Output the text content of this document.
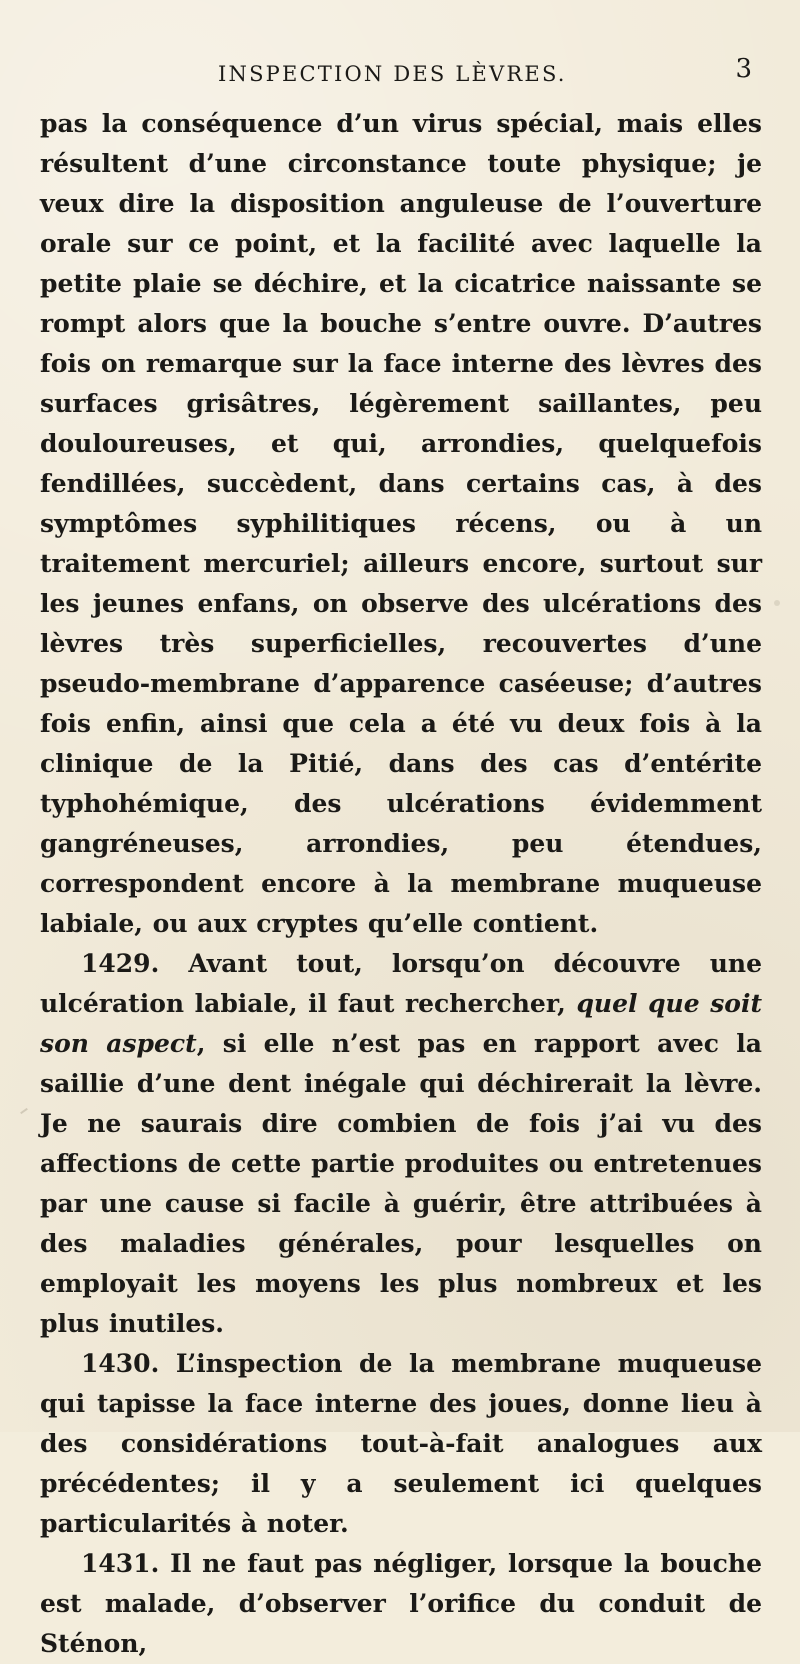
INSPECTION DES LÈVRES.	3

pas la conséquence d’un virus spécial, mais elles résultent d’une circonstance toute physique; je veux dire la disposition anguleuse de l’ouverture orale sur ce point, et la facilité avec laquelle la petite plaie se déchire, et la cicatrice naissante se rompt alors que la bouche s’entre ouvre. D’autres fois on remarque sur la face interne des lèvres des surfaces grisâtres, légèrement saillantes, peu douloureuses, et qui, arrondies, quelquefois fendillées, succèdent, dans certains cas, à des symptômes syphilitiques récens, ou à un traitement mercuriel; ailleurs encore, surtout sur les jeunes enfans, on observe des ulcérations des lèvres très superficielles, recouvertes d’une pseudo-membrane d’apparence caséeuse; d’autres fois enfin, ainsi que cela a été vu deux fois à la clinique de la Pitié, dans des cas d’entérite typhohémique, des ulcérations évidemment gangréneuses, arrondies, peu étendues, correspondent encore à la membrane muqueuse labiale, ou aux cryptes qu’elle contient.

1429. Avant tout, lorsqu’on découvre une ulcération labiale, il faut rechercher, quel que soit son aspect, si elle n’est pas en rapport avec la saillie d’une dent inégale qui déchirerait la lèvre. Je ne saurais dire combien de fois j’ai vu des affections de cette partie produites ou entretenues par une cause si facile à guérir, être attribuées à des maladies générales, pour lesquelles on employait les moyens les plus nombreux et les plus inutiles.

1430. L’inspection de la membrane muqueuse qui tapisse la face interne des joues, donne lieu à des considérations tout-à-fait analogues aux précédentes; il y a seulement ici quelques particularités à noter.

1431. Il ne faut pas négliger, lorsque la bouche est malade, d’observer l’orifice du conduit de Sténon,
